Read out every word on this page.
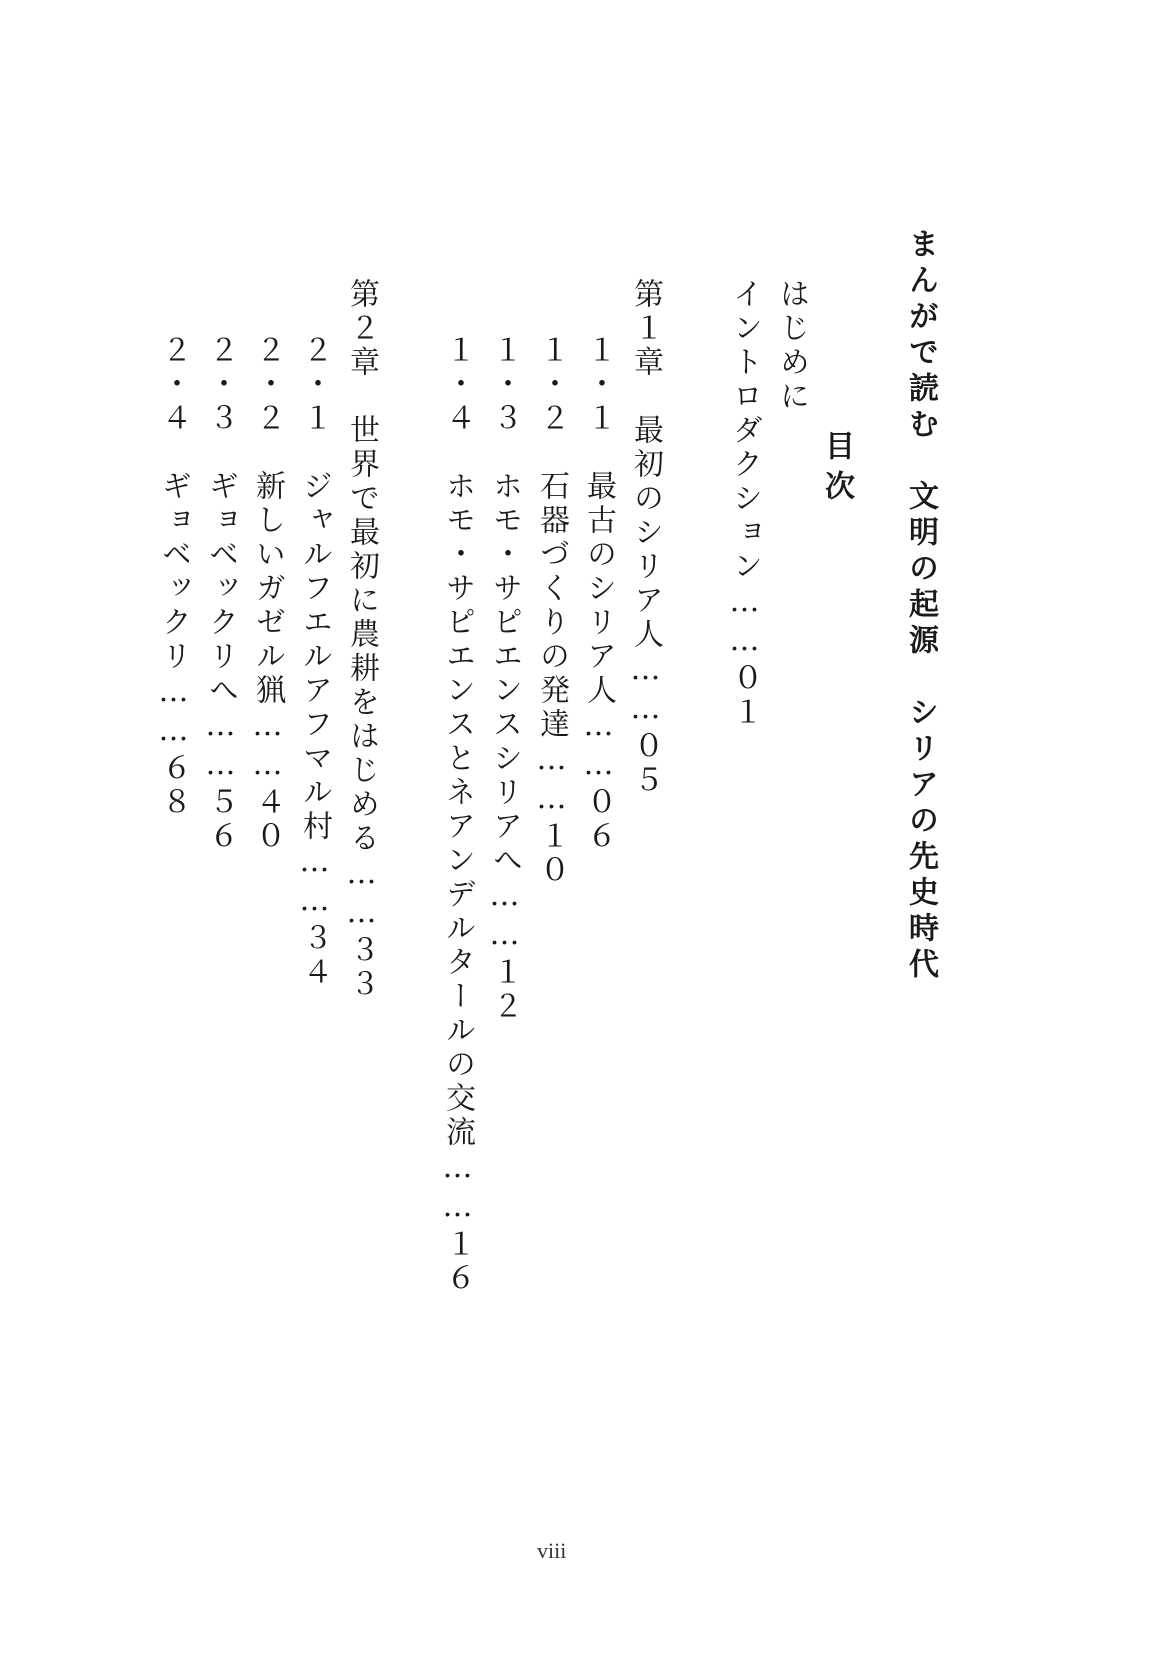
まんがで読む　文明の起源　シリアの先史時代
目次
はじめに
イントロダクション……０１
第１章　最初のシリア人……０５
１・１　最古のシリア人……０６
１・２　石器づくりの発達……１０
１・３　ホモ・サピエンスシリアへ……１２
１・４　ホモ・サピエンスとネアンデルタールの交流……１６
第２章　世界で最初に農耕をはじめる……３３
２・１　ジャルフエルアフマル村……３４
２・２　新しいガゼル猟……４０
２・３　ギョベックリへ……５６
２・４　ギョベックリ……６８
viii
